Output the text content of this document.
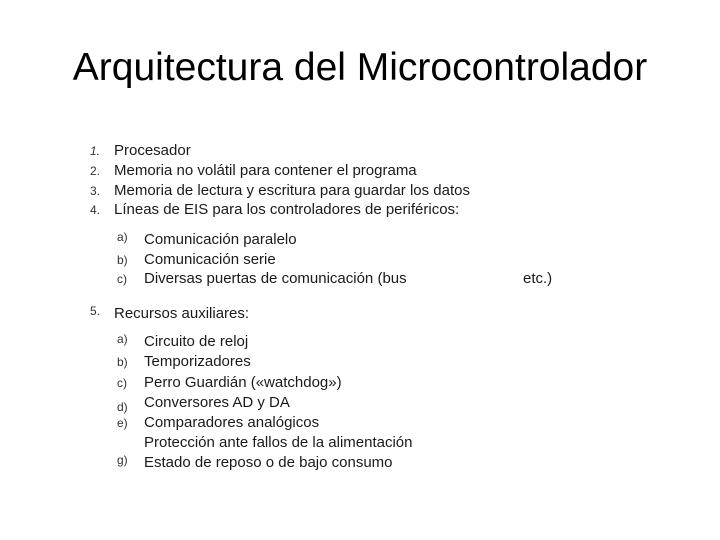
Arquitectura del Microcontrolador
1. Procesador
2. Memoria no volátil para contener el programa
3. Memoria de lectura y escritura para guardar los datos
4. Líneas de EIS para los controladores de periféricos:
a) Comunicación paralelo
b) Comunicación serie
c) Diversas puertas de comunicación (bus	etc.)
5. Recursos auxiliares:
a) Circuito de reloj
b) Temporizadores
c) Perro Guardián («watchdog»)
d) Conversores AD y DA
e) Comparadores analógicos
Protección ante fallos de la alimentación
g) Estado de reposo o de bajo consumo
